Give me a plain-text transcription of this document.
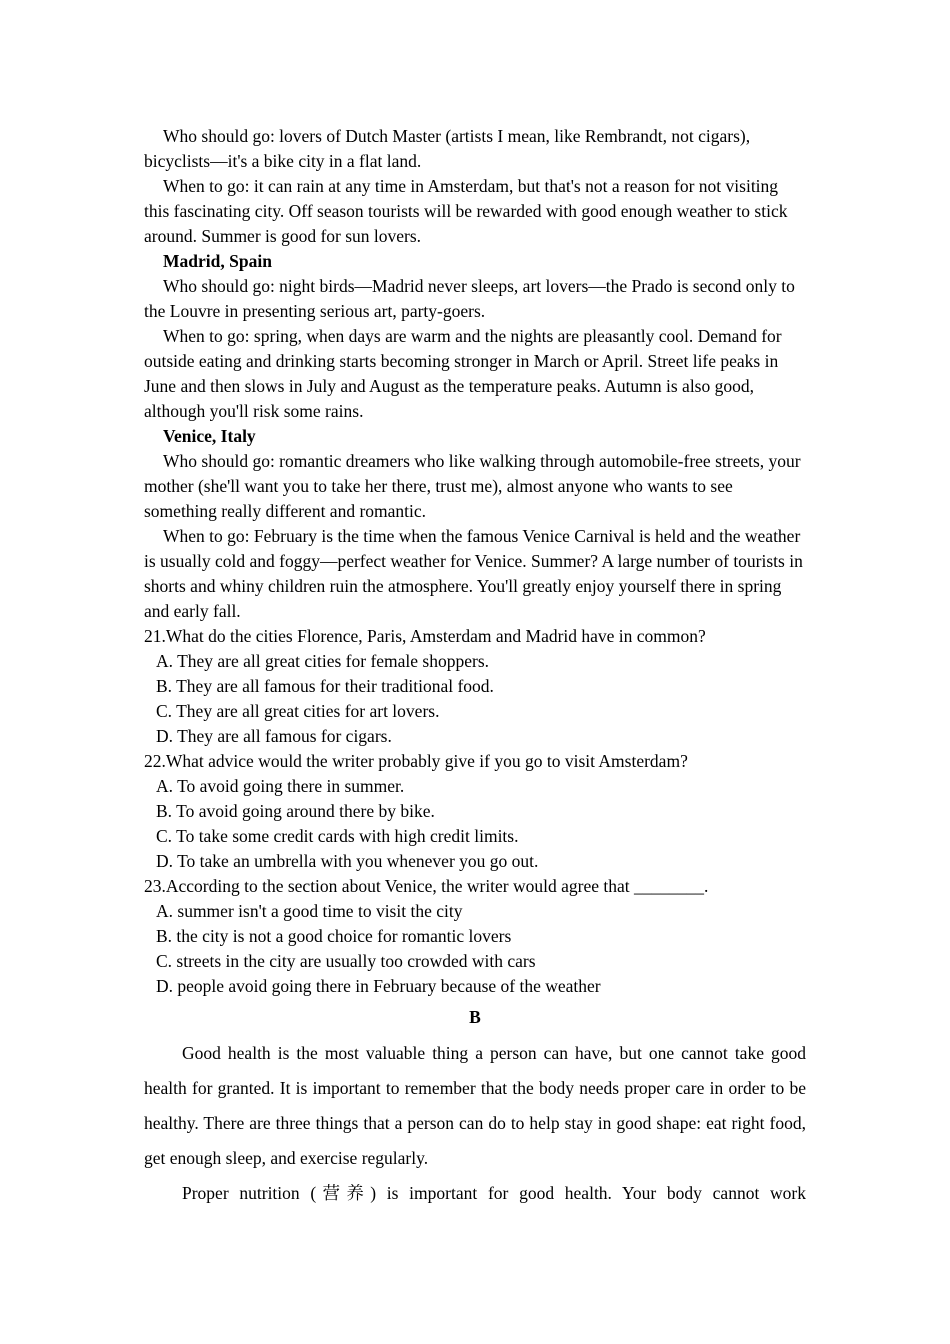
Who should go: lovers of Dutch Master (artists I mean, like Rembrandt, not cigars), bicyclists—it's a bike city in a flat land.

When to go: it can rain at any time in Amsterdam, but that's not a reason for not visiting this fascinating city. Off season tourists will be rewarded with good enough weather to stick around. Summer is good for sun lovers.

Madrid, Spain

Who should go: night birds—Madrid never sleeps, art lovers—the Prado is second only to the Louvre in presenting serious art, party-goers.

When to go: spring, when days are warm and the nights are pleasantly cool. Demand for outside eating and drinking starts becoming stronger in March or April. Street life peaks in June and then slows in July and August as the temperature peaks. Autumn is also good, although you'll risk some rains.

Venice, Italy

Who should go: romantic dreamers who like walking through automobile-free streets, your mother (she'll want you to take her there, trust me), almost anyone who wants to see something really different and romantic.

When to go: February is the time when the famous Venice Carnival is held and the weather is usually cold and foggy—perfect weather for Venice. Summer? A large number of tourists in shorts and whiny children ruin the atmosphere. You'll greatly enjoy yourself there in spring and early fall.

21.What do the cities Florence, Paris, Amsterdam and Madrid have in common?

A. They are all great cities for female shoppers.

B. They are all famous for their traditional food.

C. They are all great cities for art lovers.

D. They are all famous for cigars.

22.What advice would the writer probably give if you go to visit Amsterdam?

A. To avoid going there in summer.

B. To avoid going around there by bike.

C. To take some credit cards with high credit limits.

D. To take an umbrella with you whenever you go out.

23.According to the section about Venice, the writer would agree that ________.

A. summer isn't a good time to visit the city

B. the city is not a good choice for romantic lovers

C. streets in the city are usually too crowded with cars

D. people avoid going there in February because of the weather

B

Good health is the most valuable thing a person can have, but one cannot take good health for granted. It is important to remember that the body needs proper care in order to be healthy. There are three things that a person can do to help stay in good shape: eat right food, get enough sleep, and exercise regularly.

Proper nutrition (营养) is important for good health. Your body cannot work
